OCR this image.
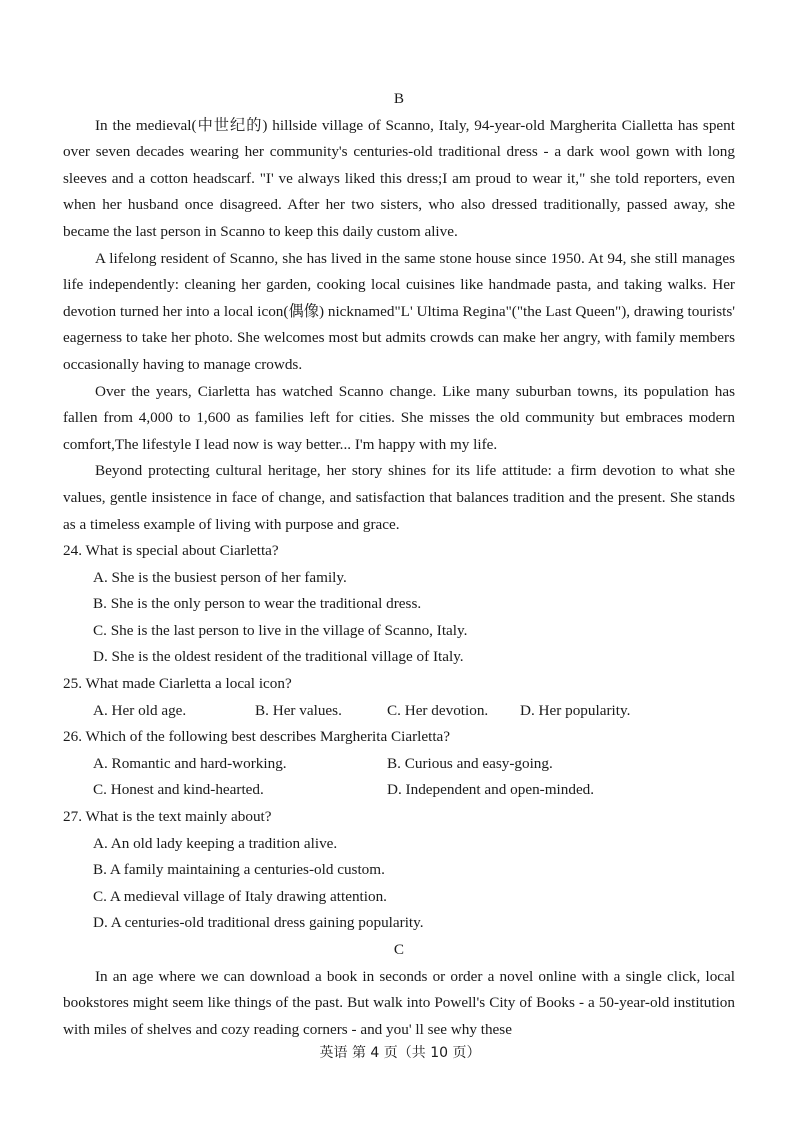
B

In the medieval(中世纪的) hillside village of Scanno, Italy, 94-year-old Margherita Cialletta has spent over seven decades wearing her community's centuries-old traditional dress - a dark wool gown with long sleeves and a cotton headscarf. "I' ve always liked this dress;I am proud to wear it," she told reporters, even when her husband once disagreed. After her two sisters, who also dressed traditionally, passed away, she became the last person in Scanno to keep this daily custom alive.

A lifelong resident of Scanno, she has lived in the same stone house since 1950. At 94, she still manages life independently: cleaning her garden, cooking local cuisines like handmade pasta, and taking walks. Her devotion turned her into a local icon(偶像) nicknamed"L' Ultima Regina"("the Last Queen"), drawing tourists' eagerness to take her photo. She welcomes most but admits crowds can make her angry, with family members occasionally having to manage crowds.

Over the years, Ciarletta has watched Scanno change. Like many suburban towns, its population has fallen from 4,000 to 1,600 as families left for cities. She misses the old community but embraces modern comfort,The lifestyle I lead now is way better... I'm happy with my life.

Beyond protecting cultural heritage, her story shines for its life attitude: a firm devotion to what she values, gentle insistence in face of change, and satisfaction that balances tradition and the present. She stands as a timeless example of living with purpose and grace.

24. What is special about Ciarletta?

A. She is the busiest person of her family.

B. She is the only person to wear the traditional dress.

C. She is the last person to live in the village of Scanno, Italy.

D. She is the oldest resident of the traditional village of Italy.

25. What made Ciarletta a local icon?

A. Her old age.	B. Her values.	C. Her devotion.	D. Her popularity.

26. Which of the following best describes Margherita Ciarletta?

A. Romantic and hard-working.	B. Curious and easy-going.
C. Honest and kind-hearted.	D. Independent and open-minded.

27. What is the text mainly about?

A. An old lady keeping a tradition alive.

B. A family maintaining a centuries-old custom.

C. A medieval village of Italy drawing attention.

D. A centuries-old traditional dress gaining popularity.

C

In an age where we can download a book in seconds or order a novel online with a single click, local bookstores might seem like things of the past. But walk into Powell's City of Books - a 50-year-old institution with miles of shelves and cozy reading corners - and you' ll see why these

英语 第 4 页（共 10 页）
